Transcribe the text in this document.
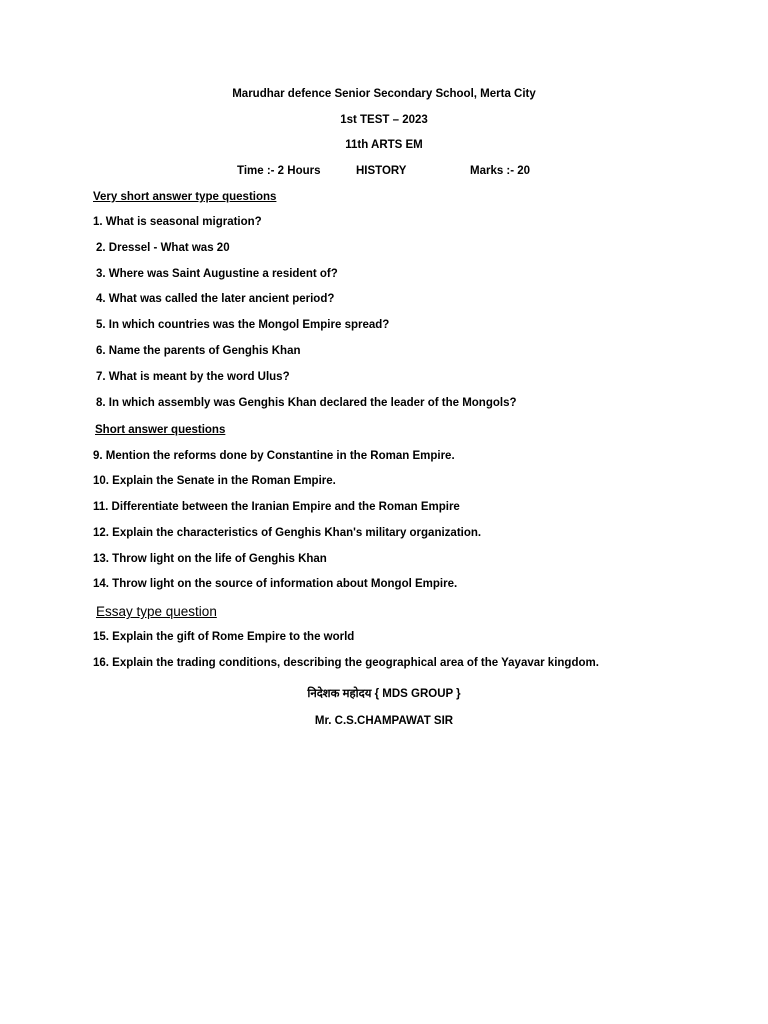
Marudhar defence Senior Secondary School, Merta City
1st TEST – 2023
11th ARTS EM
Time :- 2 Hours	HISTORY	Marks :- 20
Very short answer type questions
1. What is seasonal migration?
2. Dressel - What was 20
3. Where was Saint Augustine a resident of?
4. What was called the later ancient period?
5. In which countries was the Mongol Empire spread?
6. Name the parents of Genghis Khan
7. What is meant by the word Ulus?
8. In which assembly was Genghis Khan declared the leader of the Mongols?
Short answer questions
9. Mention the reforms done by Constantine in the Roman Empire.
10. Explain the Senate in the Roman Empire.
11. Differentiate between the Iranian Empire and the Roman Empire
12. Explain the characteristics of Genghis Khan's military organization.
13. Throw light on the life of Genghis Khan
14. Throw light on the source of information about Mongol Empire.
Essay type question
15. Explain the gift of Rome Empire to the world
16. Explain the trading conditions, describing the geographical area of the Yayavar kingdom.
निदेशक महोदय { MDS GROUP }
Mr. C.S.CHAMPAWAT SIR
